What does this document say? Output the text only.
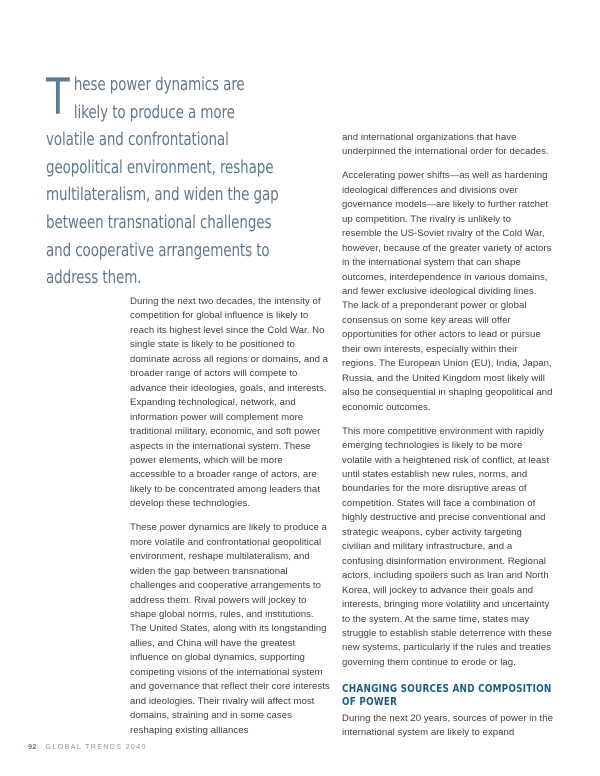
T hese power dynamics are
likely to produce a more
volatile and confrontational
geopolitical environment, reshape
multilateralism, and widen the gap
between transnational challenges
and cooperative arrangements to
address them.

During the next two decades, the intensity of competition for global influence is likely to reach its highest level since the Cold War. No single state is likely to be positioned to dominate across all regions or domains, and a broader range of actors will compete to advance their ideologies, goals, and interests. Expanding technological, network, and information power will complement more traditional military, economic, and soft power aspects in the international system. These power elements, which will be more accessible to a broader range of actors, are likely to be concentrated among leaders that develop these technologies.

These power dynamics are likely to produce a more volatile and confrontational geopolitical environment, reshape multilateralism, and widen the gap between transnational challenges and cooperative arrangements to address them. Rival powers will jockey to shape global norms, rules, and institutions. The United States, along with its longstanding allies, and China will have the greatest influence on global dynamics, supporting competing visions of the international system and governance that reflect their core interests and ideologies. Their rivalry will affect most domains, straining and in some cases reshaping existing alliances

and international organizations that have underpinned the international order for decades.

Accelerating power shifts—as well as hardening ideological differences and divisions over governance models—are likely to further ratchet up competition. The rivalry is unlikely to resemble the US-Soviet rivalry of the Cold War, however, because of the greater variety of actors in the international system that can shape outcomes, interdependence in various domains, and fewer exclusive ideological dividing lines. The lack of a preponderant power or global consensus on some key areas will offer opportunities for other actors to lead or pursue their own interests, especially within their regions. The European Union (EU), India, Japan, Russia, and the United Kingdom most likely will also be consequential in shaping geopolitical and economic outcomes.

This more competitive environment with rapidly emerging technologies is likely to be more volatile with a heightened risk of conflict, at least until states establish new rules, norms, and boundaries for the more disruptive areas of competition. States will face a combination of highly destructive and precise conventional and strategic weapons, cyber activity targeting civilian and military infrastructure, and a confusing disinformation environment. Regional actors, including spoilers such as Iran and North Korea, will jockey to advance their goals and interests, bringing more volatility and uncertainty to the system. At the same time, states may struggle to establish stable deterrence with these new systems, particularly if the rules and treaties governing them continue to erode or lag.

CHANGING SOURCES AND COMPOSITION OF POWER

During the next 20 years, sources of power in the international system are likely to expand

92 GLOBAL TRENDS 2040
